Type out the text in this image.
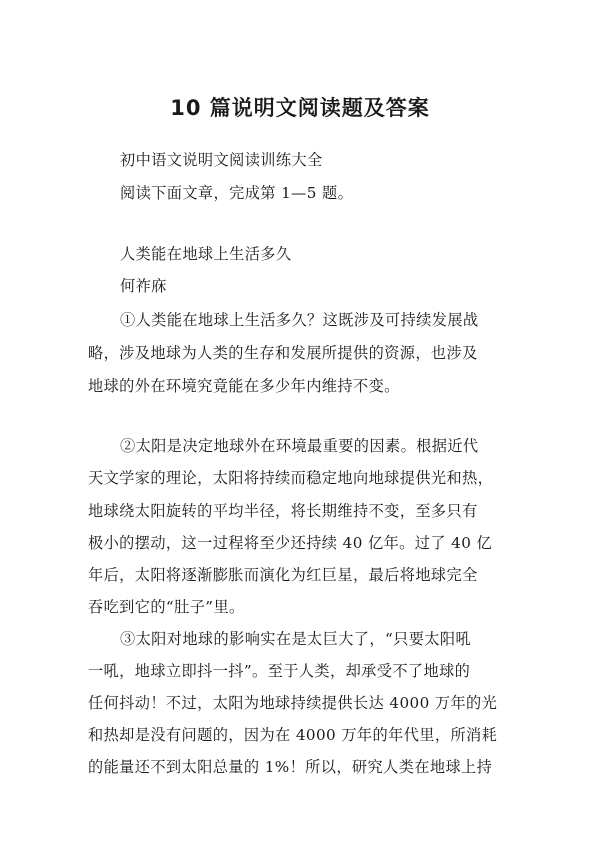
10 篇说明文阅读题及答案

初中语文说明文阅读训练大全

阅读下面文章，完成第 1—5 题。

人类能在地球上生活多久

何祚庥

①人类能在地球上生活多久？这既涉及可持续发展战

略，涉及地球为人类的生存和发展所提供的资源，也涉及

地球的外在环境究竟能在多少年内维持不变。

②太阳是决定地球外在环境最重要的因素。根据近代

天文学家的理论，太阳将持续而稳定地向地球提供光和热，

地球绕太阳旋转的平均半径，将长期维持不变，至多只有

极小的摆动，这一过程将至少还持续 40 亿年。过了 40 亿

年后，太阳将逐渐膨胀而演化为红巨星，最后将地球完全

吞吃到它的“肚子”里。

③太阳对地球的影响实在是太巨大了，“只要太阳吼

一吼，地球立即抖一抖”。至于人类，却承受不了地球的

任何抖动！不过，太阳为地球持续提供长达 4000 万年的光

和热却是没有问题的，因为在 4000 万年的年代里，所消耗

的能量还不到太阳总量的 1%！所以，研究人类在地球上持
